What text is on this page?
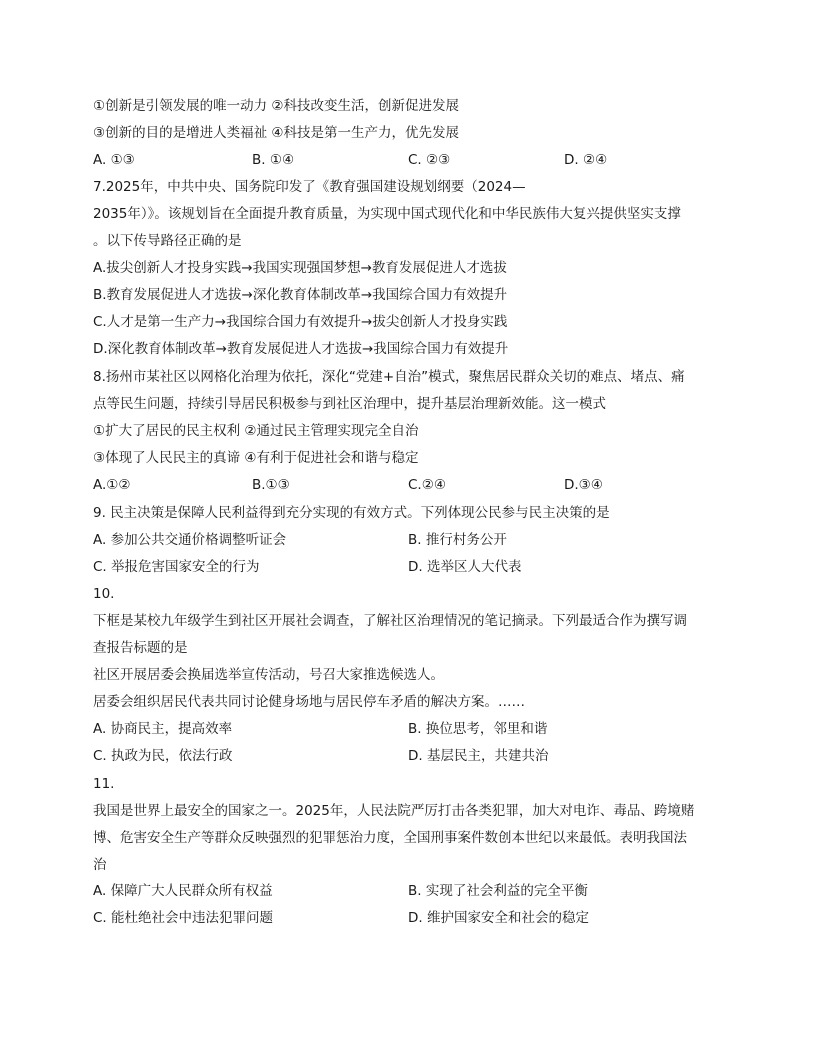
①创新是引领发展的唯一动力 ②科技改变生活，创新促进发展
③创新的目的是增进人类福祉 ④科技是第一生产力，优先发展
A. ①③	B. ①④	C. ②③	D. ②④
7.2025年，中共中央、国务院印发了《教育强国建设规划纲要（2024—
2035年）》。该规划旨在全面提升教育质量，为实现中国式现代化和中华民族伟大复兴提供坚实支撑
。以下传导路径正确的是
A.拔尖创新人才投身实践→我国实现强国梦想→教育发展促进人才选拔
B.教育发展促进人才选拔→深化教育体制改革→我国综合国力有效提升
C.人才是第一生产力→我国综合国力有效提升→拔尖创新人才投身实践
D.深化教育体制改革→教育发展促进人才选拔→我国综合国力有效提升
8.扬州市某社区以网格化治理为依托，深化“党建+自治”模式，聚焦居民群众关切的难点、堵点、痛
点等民生问题，持续引导居民积极参与到社区治理中，提升基层治理新效能。这一模式
①扩大了居民的民主权利 ②通过民主管理实现完全自治
③体现了人民民主的真谛 ④有利于促进社会和谐与稳定
A.①②	B.①③	C.②④	D.③④
9. 民主决策是保障人民利益得到充分实现的有效方式。下列体现公民参与民主决策的是
A. 参加公共交通价格调整听证会	B. 推行村务公开
C. 举报危害国家安全的行为	D. 选举区人大代表
10.
下框是某校九年级学生到社区开展社会调查，了解社区治理情况的笔记摘录。下列最适合作为撰写调
查报告标题的是
社区开展居委会换届选举宣传活动，号召大家推选候选人。
居委会组织居民代表共同讨论健身场地与居民停车矛盾的解决方案。……
A. 协商民主，提高效率	B. 换位思考，邻里和谐
C. 执政为民，依法行政	D. 基层民主，共建共治
11.
我国是世界上最安全的国家之一。2025年，人民法院严厉打击各类犯罪，加大对电诈、毒品、跨境赌
博、危害安全生产等群众反映强烈的犯罪惩治力度，全国刑事案件数创本世纪以来最低。表明我国法
治
A. 保障广大人民群众所有权益	B. 实现了社会利益的完全平衡
C. 能杜绝社会中违法犯罪问题	D. 维护国家安全和社会的稳定
